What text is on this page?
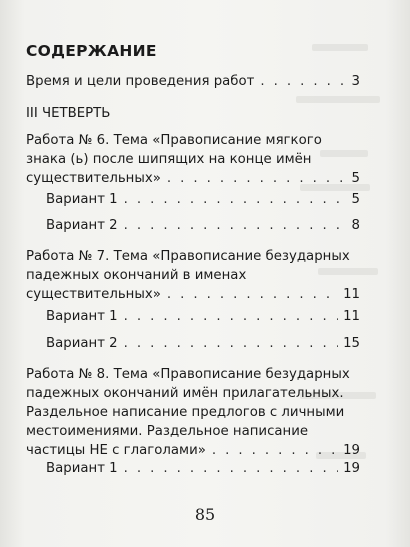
СОДЕРЖАНИЕ
Время и цели проведения работ . . .	3
III ЧЕТВЕРТЬ
Работа № 6. Тема «Правописание мягкого
знака (ь) после шипящих на конце имён
существительных» . . .	5
Вариант 1 . . .	5
Вариант 2 . . .	8
Работа № 7. Тема «Правописание безударных
падежных окончаний в именах
существительных» . . .	11
Вариант 1 . . .	11
Вариант 2 . . .	15
Работа № 8. Тема «Правописание безударных
падежных окончаний имён прилагательных.
Раздельное написание предлогов с личными
местоимениями. Раздельное написание
частицы НЕ с глаголами» . . .	19
Вариант 1 . . .	19
85
